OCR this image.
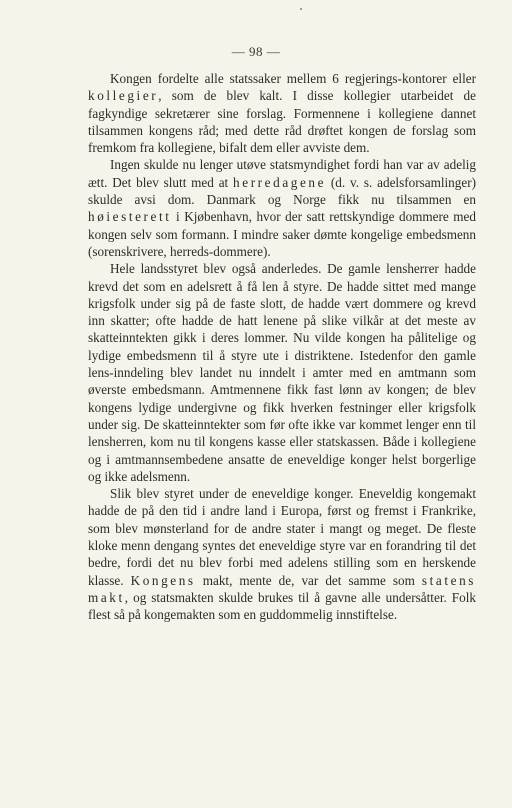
— 98 —

Kongen fordelte alle statssaker mellem 6 regjerings-kontorer eller kollegier, som de blev kalt. I disse kollegier utarbeidet de fagkyndige sekretærer sine forslag. Formennene i kollegiene dannet tilsammen kongens råd; med dette råd drøftet kongen de forslag som fremkom fra kollegiene, bifalt dem eller avviste dem.

Ingen skulde nu lenger utøve statsmyndighet fordi han var av adelig ætt. Det blev slutt med at herredagene (d. v. s. adelsforsamlinger) skulde avsi dom. Danmark og Norge fikk nu tilsammen en høiesterett i Kjøbenhavn, hvor der satt rettskyndige dommere med kongen selv som formann. I mindre saker dømte kongelige embedsmenn (sorenskrivere, herreds-dommere).

Hele landsstyret blev også anderledes. De gamle lensherrer hadde krevd det som en adelsrett å få len å styre. De hadde sittet med mange krigsfolk under sig på de faste slott, de hadde vært dommere og krevd inn skatter; ofte hadde de hatt lenene på slike vilkår at det meste av skatteinntekten gikk i deres lommer. Nu vilde kongen ha pålitelige og lydige embedsmenn til å styre ute i distriktene. Istedenfor den gamle lens-inndeling blev landet nu inndelt i amter med en amtmann som øverste embedsmann. Amtmennene fikk fast lønn av kongen; de blev kongens lydige undergivne og fikk hverken festninger eller krigsfolk under sig. De skatteinntekter som før ofte ikke var kommet lenger enn til lensherren, kom nu til kongens kasse eller statskassen. Både i kollegiene og i amtmannsembedene ansatte de eneveldige konger helst borgerlige og ikke adelsmenn.

Slik blev styret under de eneveldige konger. Eneveldig kongemakt hadde de på den tid i andre land i Europa, først og fremst i Frankrike, som blev mønsterland for de andre stater i mangt og meget. De fleste kloke menn dengang syntes det eneveldige styre var en forandring til det bedre, fordi det nu blev forbi med adelens stilling som en herskende klasse. Kongens makt, mente de, var det samme som statens makt, og statsmakten skulde brukes til å gavne alle undersåtter. Folk flest så på kongemakten som en guddommelig innstiftelse.
